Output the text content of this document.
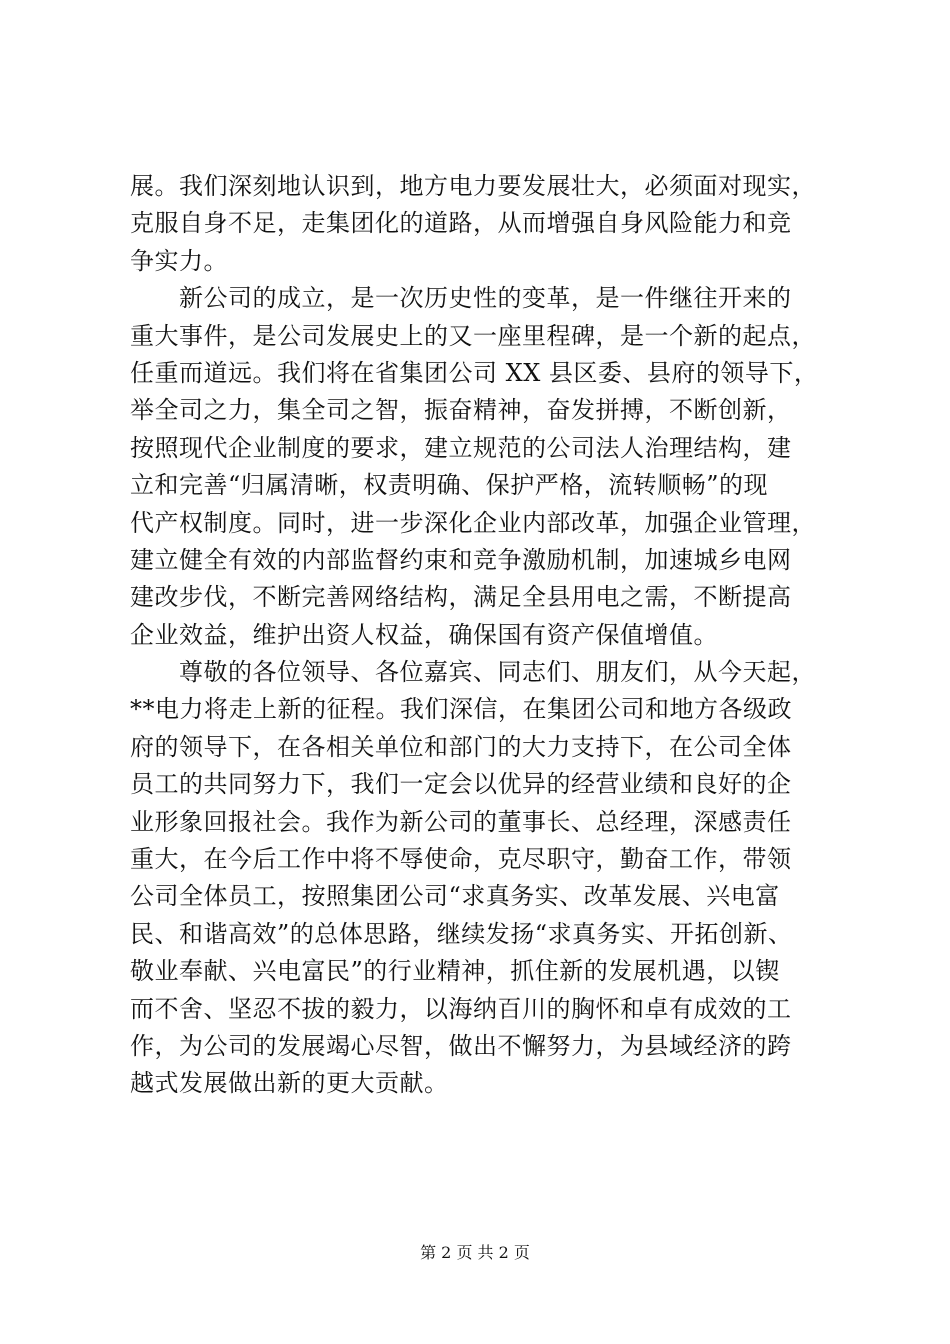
展。我们深刻地认识到，地方电力要发展壮大，必须面对现实，
克服自身不足，走集团化的道路，从而增强自身风险能力和竞
争实力。
　　新公司的成立，是一次历史性的变革，是一件继往开来的
重大事件，是公司发展史上的又一座里程碑，是一个新的起点，
任重而道远。我们将在省集团公司 XX 县区委、县府的领导下，
举全司之力，集全司之智，振奋精神，奋发拼搏，不断创新，
按照现代企业制度的要求，建立规范的公司法人治理结构，建
立和完善“归属清晰，权责明确、保护严格，流转顺畅”的现
代产权制度。同时，进一步深化企业内部改革，加强企业管理，
建立健全有效的内部监督约束和竞争激励机制，加速城乡电网
建改步伐，不断完善网络结构，满足全县用电之需，不断提高
企业效益，维护出资人权益，确保国有资产保值增值。
　　尊敬的各位领导、各位嘉宾、同志们、朋友们，从今天起，
**电力将走上新的征程。我们深信，在集团公司和地方各级政
府的领导下，在各相关单位和部门的大力支持下，在公司全体
员工的共同努力下，我们一定会以优异的经营业绩和良好的企
业形象回报社会。我作为新公司的董事长、总经理，深感责任
重大，在今后工作中将不辱使命，克尽职守，勤奋工作，带领
公司全体员工，按照集团公司“求真务实、改革发展、兴电富
民、和谐高效”的总体思路，继续发扬“求真务实、开拓创新、
敬业奉献、兴电富民”的行业精神，抓住新的发展机遇，以锲
而不舍、坚忍不拔的毅力，以海纳百川的胸怀和卓有成效的工
作，为公司的发展竭心尽智，做出不懈努力，为县域经济的跨
越式发展做出新的更大贡献。
第 2 页 共 2 页
